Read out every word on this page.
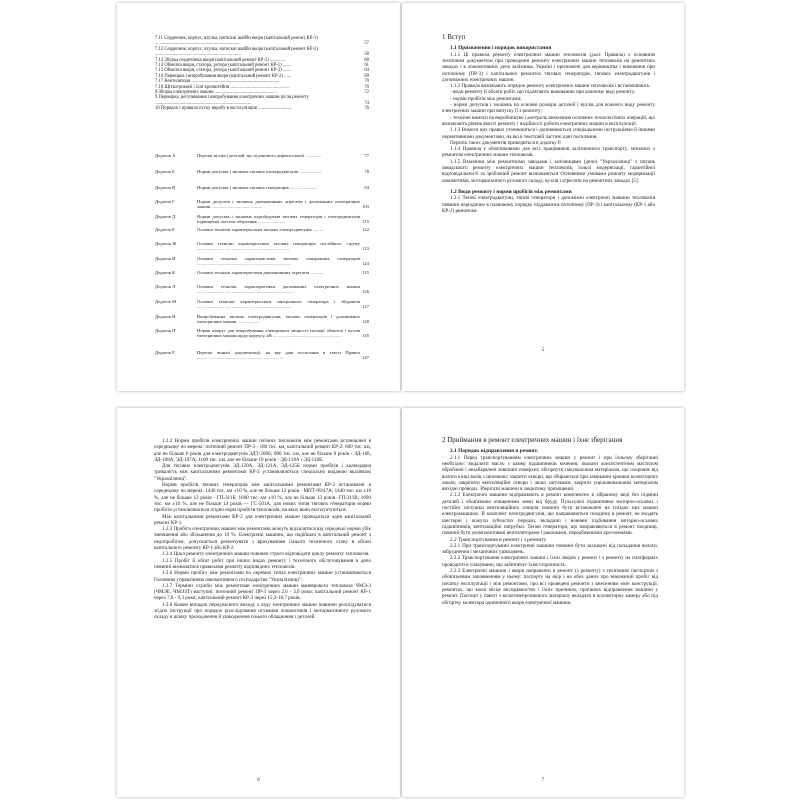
7.11 Сердечник, корпус, втулка, натискні шайби якоря (капітальний ремонт КР-1) ........................................................................	57
7.12 Сердечник, корпус, втулка, натискні шайби якоря (капітальний ремонт КР-2) ..........................................................................	58
7.13 Зборка сердечника якоря (капітальний ремонт КР-2) .............	60
7.14 Обмотка якоря, статора, ротора (капітальний ремонт КР-1) ......	61
7.15 Обмотка якоря, статора, ротора (капітальний ремонт КР-2) .......	64
7.16 Перевірка і випробування якоря (капітальний ремонт КР-2) ......	69
7.17 Вентилятори ...........................................................................	70
7.18 Щіткотримачі і їхні кронштейни ..................................................	70
8 Зборка електричних машин .....................................................	72
9 Перевірка, регулювання і випробування електричних машин після ремонту ..................................................................................	74
10 Порядок і правила пуску виробу в експлуатацію .............................	76
Додаток А	Перелік вузлів і деталей, що підлягають дефектоскопії ..............	77
Додаток Б	Норми допусків і зношень тягових електродвигунів ....................	78
Додаток В	Норми допусків і зношень тягових генераторів ........................	94
Додаток Г	Норми допусків і зношень двомашинних агрегатів і допоміжних електричних машин ............................................	103
Додаток Д	Норми допусків і зношень підшбудувків тягових генераторів і електродвигунів підвищеної частоти обертання ........................	115
Додаток Е	Основні технічні характеристики тягових електродвигунів .........	122
Додаток Ж	Основні технічні характеристики тягових генераторів постійного струму .................................................................................	123
Додаток И	Основні технічні характеристики тягових синхронних генераторів ..................................................................................	124
Додаток К	Основні технічні характеристики двомашинних агрегатів ...........	125
Додаток Л	Основні технічні характеристики допоміжних електричних машин .....................................................................................	126
Додаток М	Основні технічні характеристики синхронного генератора і збудників ...................................................................................	127
Додаток Н	Випробування тягових електродвигунів, тягових генераторів і допоміжних електричних машин ...................	128
Додаток П	Норми напруг для випробування електричної міцності ізоляції обмоток і вузлів електричних машин щодо корпусу, кВ ............................................................	145
Додаток Р	Перелік чинної документації, на яку дані посилання в тексті Правил ............................................................................	147
1 Вступ

1.1 Призначення і порядок використання

1.1.1 Ці правила ремонту електричних машин тепловозів (далі: Правила) є основним технічним документом при проведенні ремонту електричних машин тепловозів на ремонтних заводах і в локомотивних депо залізниць. Україні і призначені для керівництва і виконання при поточному (ПР-3) і капітальних ремонтах тягових генераторів, тягових електродвигунів і допоміжних електричних машин.

1.1.2 Правила визначають порядок ремонту електричних машин тепловозів і встановлюють:

- види ремонту й обсяги робіт, що підлягають виконанню при кожному виді ремонту;

- норми пробігів між ремонтами;

- норми допусків і зношень на основні розміри деталей і вузлів для кожного виду ремонту електричних машин при випуску її з ремонту;

- технічні вимоги на виробництво і контроль виконання основних технологічних операцій, що визначають рівень якості ремонту і надійності роботи електричних машин в експлуатації.

1.1.3 Вимоги цих правил уточнюються і доповнюються спеціальними інструкціями й іншими нормативними документами, на які в текстовій частині дані посилання.

Перелік таких документів приводиться в додатку Р.

1.1.4 Правила є обов'язковими для всіх працівників залізничного транспорту, зв'язаних з ремонтом електричних машин тепловозів.

1.1.5 Взаємини між ремонтними заводами і залізницями (депо) "Укрзалізниці" з питань заводського ремонту електричних машин тепловозів, їхньої модернізації, гарантійної відповідальності за зроблений ремонт визначаються Основними умовами ремонту модернізації локомотивів, моторвагонного рухомого складу, вузлів і агрегатів на ремонтних заводах [5].

1.2 Види ремонту і норми пробігів між ремонтами

1.2.1 Тягові електродвигуни, тягові генератори і допоміжні електричні машини тепловозів повинні періодично в плановому порядку піддаватися поточному (ПР-3) і капітальному (КР-1 або КР-2) ремонтам.

5

1.2.2 Норми пробігів електричних машин поїзних тепловозів між ремонтами встановлені в середньому по мережі: поточний ремонт ПР-3 - 180 тис. км, капітальний ремонт КР-2: 600 тис. км, але не більше 6 років для електродвигунів ЭДТ-200Б; 800 тис. км, але не більше 8 років - ЭД-108, ЭД-108А, ЭД-107А; 1100 тис. км, але не більше 10 років - ЭД-118А і ЭД-118Б.

Для тягових електродвигунів ЭД-120А, ЭД-121А, ЭД-125Б норми пробігів і календарна тривалість між капітальними ремонтами КР-2 установлюються спеціально виданою вказівкою "Укрзалізниці".

Норми пробігів тягових генераторів між капітальними ремонтами КР-2 встановлені в середньому по мережі: 1440 тис. км ±10 %, але не більше 12 років - МПТ-99/47А; 1440 тис. км ±10 %, але не більше 12 років - ГП-311Б; 1600 тис. км ±10 %, але не більше 13 років -ГП-311В; 1600 тис. км ±10 %, але не більше 14 років — ГС-501А, для нових типів тягових генераторів норми пробігів установлюються згідно норм пробігів тепловозів, на яких вони експлуатуються.

Між капітальними ремонтами КР-2 для електричних машин проводиться один капітальний ремонт КР-1.

1.2.3 Пробіги електричних машин між ремонтами можуть відхилятися від середньої норми убік зменшення або збільшення до 10 %. Електричні машини, що надійшли в капітальний ремонт з недопробігом, допускається ремонтувати з врахуванням їхнього технічного стану в обсязі капітального ремонту КР-1 або КР-2.

1.2.4 Цикл ремонту електричних машин повинен строго відповідати циклу ремонту тепловозів.

1.2.5 Пробіг й обсяг робіт при інших видах ремонту і технічного обслуговування в депо повинні визначатися правилами ремонту відповідних тепловозів.

1.2.6 Норми пробігу між ремонтами по окремих типах електричних машин установлюються Головним управлінням локомотивного господарства "Укрзалізниці".

1.2.7 Терміни служби між ремонтами електричних машин маневрового тепловоза ЧМЭ-3 (ЧМЭЕ, ЧМЭЗТ) наступні: поточний ремонт ПР-3 через 2,6 - 3,0 роки; капітальний ремонт КР-1 через 7,6 - 9,3 роки; капітальний ремонт КР-2 через 15,3-18,7 років.

1.2.8 Кожен випадок передчасного виходу з ладу електричних машин повинен розслідуватися згідно інструкції про порядок розслідування псування локомотивів і моторвагонного рухомого складу в шляху проходження й ушкодження їхнього обладнання і деталей.

6
2 Приймання в ремонт електричних машин і їхнє зберігання

2.1 Порядок відправлення в ремонт.

2.1.1 Перед транспортуванням електричних машин у ремонт і при їхньому зберіганні необхідно: видалити масло з камер підшипників кочення; змазати консистентним мастилом оброблені і незабарвлені зовнішні поверхні; обгорнути пакувальним матеріалом, що охороняє від вологи кінці валів з шпонкою; закрити отвори, що збираються при замиканні кришки колекторних люків; закріпити вентиляційні отвори і люки затулками; закрити ущільнювальним матеріалом вихідні проводи. Зберігати машини в закритому приміщенні.

2.1.2 Електричні машини відправляють в ремонт комплектно в зібраному виді без підміни деталей і обов'язково очищеними зовні від бруду. Пульсуючі підшипники моторно-осьових і постійні заглушки вентиляційних отворів повинні бути встановлені на гніздах цих машин електромашинах. В комплект електродвигунів, що направляються поодинці в ремонт, не входять шестерні і кожухи зубчастих передач, вкладиші і вовняні підбивання моторно-осьових підшипників, вентиляційні патрубки. Тягові генератори, що направляються в ремонт поодинці, повинні бути укомплектовані вентиляторами і раконками, передбаченими кресленнями.

2.2 Транспортування в ремонт і з ремонту

2.2.1 При транспортуванні електричні машини повинні бути захищені від попадання вологи, забруднення і механічних ушкоджень.

2.2.2 Транспортування електричних машин і їхніх якорів у ремонт і з ремонту на платформах проводити в упакуванні, що забезпечує їхня схоронність.

2.2.3 Електричні машини і якоря направляти в ремонт (з ремонту) з технічним паспортом з обов'язковим заповненням у ньому: паспорту на якір і на обох даних про виконаний пробіг від початку експлуатації і між ремонтами, про всі проведені ремонти з внесенням змін конструкції, ремонтах, що мали місце несправностях і їхніх причинах, причинах відправлення машини у ремонт. Паспорт у пакеті з вологонепроникного матеріалу вкладати в коллекторну камеру або під обгортку колектора одиничного якоря електричної машини.

7
